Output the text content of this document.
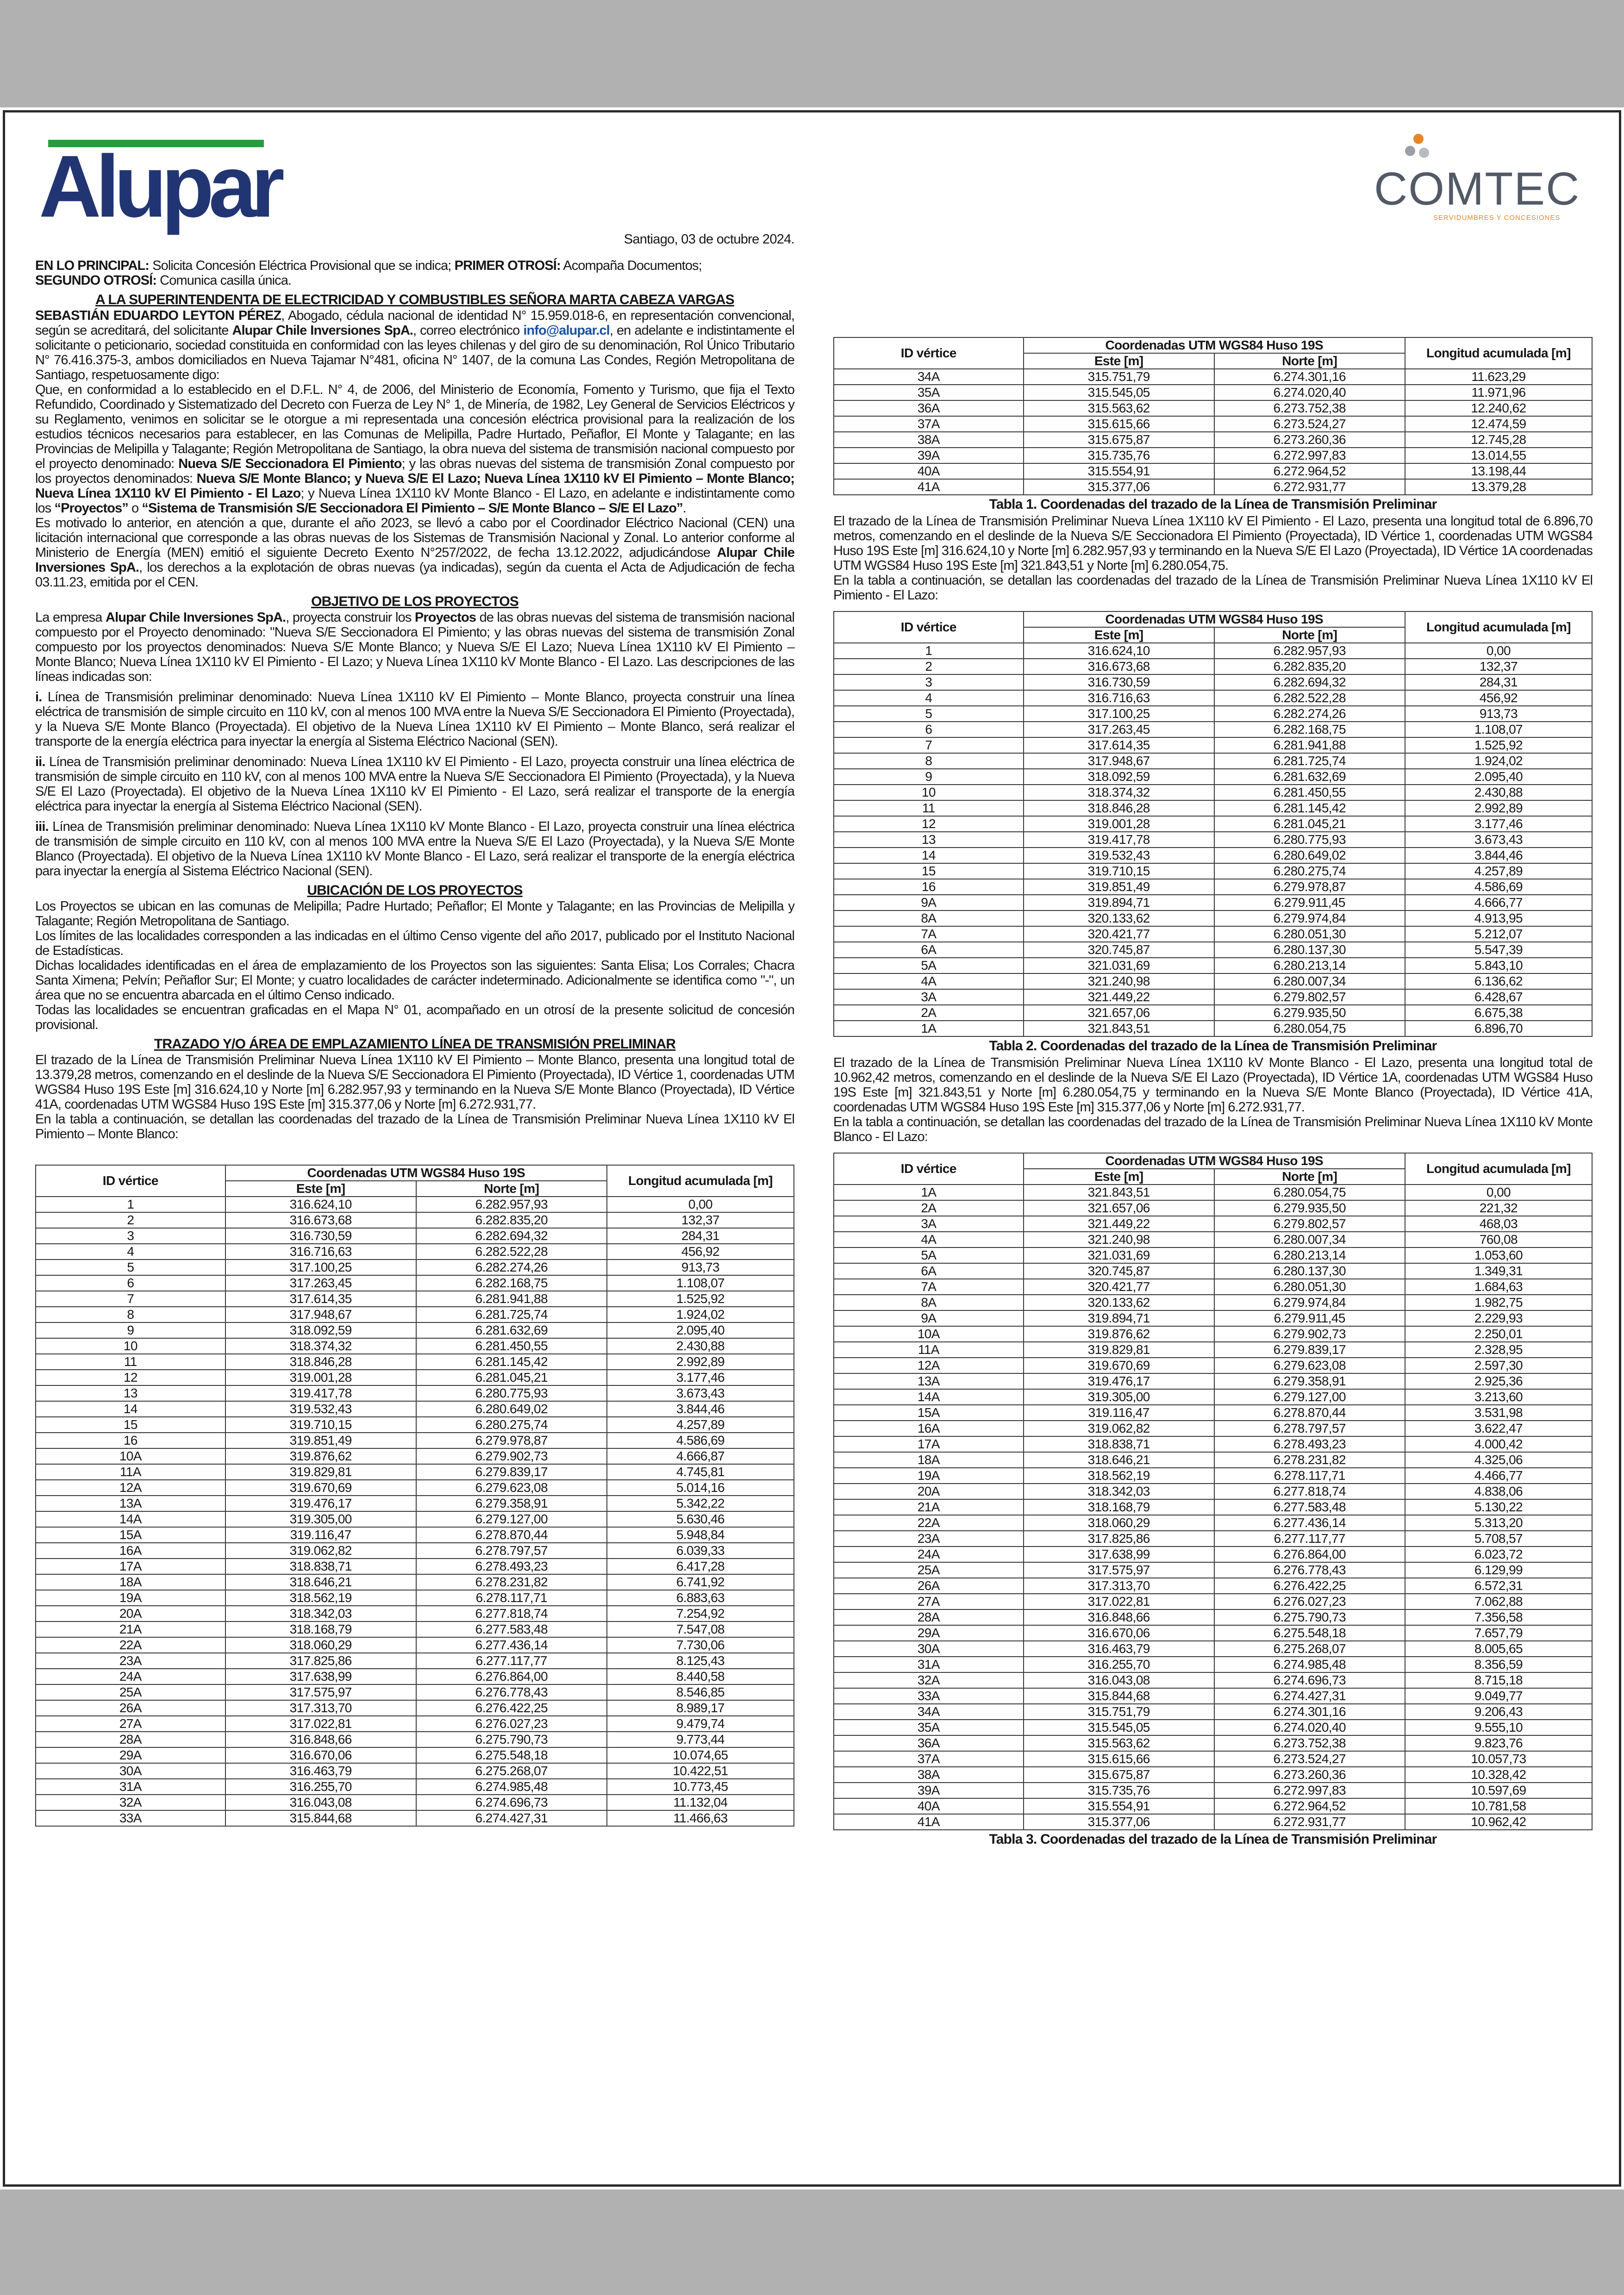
Alupar	COMTEC
SERVIDUMBRES Y CONCESIONES
Santiago, 03 de octubre 2024.

EN LO PRINCIPAL: Solicita Concesión Eléctrica Provisional que se indica; PRIMER OTROSÍ: Acompaña Documentos;
SEGUNDO OTROSÍ: Comunica casilla única.

A LA SUPERINTENDENTA DE ELECTRICIDAD Y COMBUSTIBLES SEÑORA MARTA CABEZA VARGAS

SEBASTIÁN EDUARDO LEYTON PÉREZ, Abogado, cédula nacional de identidad N° 15.959.018-6, en representación convencional, según se acreditará, del solicitante Alupar Chile Inversiones SpA., correo electrónico info@alupar.cl, en adelante e indistintamente el solicitante o peticionario, sociedad constituida en conformidad con las leyes chilenas y del giro de su denominación, Rol Único Tributario N° 76.416.375-3, ambos domiciliados en Nueva Tajamar N°481, oficina N° 1407, de la comuna Las Condes, Región Metropolitana de Santiago, respetuosamente digo:

Que, en conformidad a lo establecido en el D.F.L. N° 4, de 2006, del Ministerio de Economía, Fomento y Turismo, que fija el Texto Refundido, Coordinado y Sistematizado del Decreto con Fuerza de Ley N° 1, de Minería, de 1982, Ley General de Servicios Eléctricos y su Reglamento, venimos en solicitar se le otorgue a mi representada una concesión eléctrica provisional para la realización de los estudios técnicos necesarios para establecer, en las Comunas de Melipilla, Padre Hurtado, Peñaflor, El Monte y Talagante; en las Provincias de Melipilla y Talagante; Región Metropolitana de Santiago, la obra nueva del sistema de transmisión nacional compuesto por el proyecto denominado: Nueva S/E Seccionadora El Pimiento; y las obras nuevas del sistema de transmisión Zonal compuesto por los proyectos denominados: Nueva S/E Monte Blanco; y Nueva S/E El Lazo; Nueva Línea 1X110 kV El Pimiento – Monte Blanco; Nueva Línea 1X110 kV El Pimiento - El Lazo; y Nueva Línea 1X110 kV Monte Blanco - El Lazo, en adelante e indistintamente como los “Proyectos” o “Sistema de Transmisión S/E Seccionadora El Pimiento – S/E Monte Blanco – S/E El Lazo”.

Es motivado lo anterior, en atención a que, durante el año 2023, se llevó a cabo por el Coordinador Eléctrico Nacional (CEN) una licitación internacional que corresponde a las obras nuevas de los Sistemas de Transmisión Nacional y Zonal. Lo anterior conforme al Ministerio de Energía (MEN) emitió el siguiente Decreto Exento N°257/2022, de fecha 13.12.2022, adjudicándose Alupar Chile Inversiones SpA., los derechos a la explotación de obras nuevas (ya indicadas), según da cuenta el Acta de Adjudicación de fecha 03.11.23, emitida por el CEN.

OBJETIVO DE LOS PROYECTOS

La empresa Alupar Chile Inversiones SpA., proyecta construir los Proyectos de las obras nuevas del sistema de transmisión nacional compuesto por el Proyecto denominado: "Nueva S/E Seccionadora El Pimiento; y las obras nuevas del sistema de transmisión Zonal compuesto por los proyectos denominados: Nueva S/E Monte Blanco; y Nueva S/E El Lazo; Nueva Línea 1X110 kV El Pimiento – Monte Blanco; Nueva Línea 1X110 kV El Pimiento - El Lazo; y Nueva Línea 1X110 kV Monte Blanco - El Lazo. Las descripciones de las líneas indicadas son:

i. Línea de Transmisión preliminar denominado: Nueva Línea 1X110 kV El Pimiento – Monte Blanco, proyecta construir una línea eléctrica de transmisión de simple circuito en 110 kV, con al menos 100 MVA entre la Nueva S/E Seccionadora El Pimiento (Proyectada), y la Nueva S/E Monte Blanco (Proyectada). El objetivo de la Nueva Línea 1X110 kV El Pimiento – Monte Blanco, será realizar el transporte de la energía eléctrica para inyectar la energía al Sistema Eléctrico Nacional (SEN).

ii. Línea de Transmisión preliminar denominado: Nueva Línea 1X110 kV El Pimiento - El Lazo, proyecta construir una línea eléctrica de transmisión de simple circuito en 110 kV, con al menos 100 MVA entre la Nueva S/E Seccionadora El Pimiento (Proyectada), y la Nueva S/E El Lazo (Proyectada). El objetivo de la Nueva Línea 1X110 kV El Pimiento - El Lazo, será realizar el transporte de la energía eléctrica para inyectar la energía al Sistema Eléctrico Nacional (SEN).

iii. Línea de Transmisión preliminar denominado: Nueva Línea 1X110 kV Monte Blanco - El Lazo, proyecta construir una línea eléctrica de transmisión de simple circuito en 110 kV, con al menos 100 MVA entre la Nueva S/E El Lazo (Proyectada), y la Nueva S/E Monte Blanco (Proyectada). El objetivo de la Nueva Línea 1X110 kV Monte Blanco - El Lazo, será realizar el transporte de la energía eléctrica para inyectar la energía al Sistema Eléctrico Nacional (SEN).

UBICACIÓN DE LOS PROYECTOS

Los Proyectos se ubican en las comunas de Melipilla; Padre Hurtado; Peñaflor; El Monte y Talagante; en las Provincias de Melipilla y Talagante; Región Metropolitana de Santiago.

Los límites de las localidades corresponden a las indicadas en el último Censo vigente del año 2017, publicado por el Instituto Nacional de Estadísticas.

Dichas localidades identificadas en el área de emplazamiento de los Proyectos son las siguientes: Santa Elisa; Los Corrales; Chacra Santa Ximena; Pelvín; Peñaflor Sur; El Monte; y cuatro localidades de carácter indeterminado. Adicionalmente se identifica como "-", un área que no se encuentra abarcada en el último Censo indicado.

Todas las localidades se encuentran graficadas en el Mapa N° 01, acompañado en un otrosí de la presente solicitud de concesión provisional.

TRAZADO Y/O ÁREA DE EMPLAZAMIENTO LÍNEA DE TRANSMISIÓN PRELIMINAR

El trazado de la Línea de Transmisión Preliminar Nueva Línea 1X110 kV El Pimiento – Monte Blanco, presenta una longitud total de 13.379,28 metros, comenzando en el deslinde de la Nueva S/E Seccionadora El Pimiento (Proyectada), ID Vértice 1, coordenadas UTM WGS84 Huso 19S Este [m] 316.624,10 y Norte [m] 6.282.957,93 y terminando en la Nueva S/E Monte Blanco (Proyectada), ID Vértice 41A, coordenadas UTM WGS84 Huso 19S Este [m] 315.377,06 y Norte [m] 6.272.931,77.

En la tabla a continuación, se detallan las coordenadas del trazado de la Línea de Transmisión Preliminar Nueva Línea 1X110 kV El Pimiento – Monte Blanco:

ID vértice	Coordenadas UTM WGS84 Huso 19S		Longitud acumulada [m]
	Este [m]	Norte [m]	
1	316.624,10	6.282.957,93	0,00
2	316.673,68	6.282.835,20	132,37
3	316.730,59	6.282.694,32	284,31
4	316.716,63	6.282.522,28	456,92
5	317.100,25	6.282.274,26	913,73
6	317.263,45	6.282.168,75	1.108,07
7	317.614,35	6.281.941,88	1.525,92
8	317.948,67	6.281.725,74	1.924,02
9	318.092,59	6.281.632,69	2.095,40
10	318.374,32	6.281.450,55	2.430,88
11	318.846,28	6.281.145,42	2.992,89
12	319.001,28	6.281.045,21	3.177,46
13	319.417,78	6.280.775,93	3.673,43
14	319.532,43	6.280.649,02	3.844,46
15	319.710,15	6.280.275,74	4.257,89
16	319.851,49	6.279.978,87	4.586,69
10A	319.876,62	6.279.902,73	4.666,87
11A	319.829,81	6.279.839,17	4.745,81
12A	319.670,69	6.279.623,08	5.014,16
13A	319.476,17	6.279.358,91	5.342,22
14A	319.305,00	6.279.127,00	5.630,46
15A	319.116,47	6.278.870,44	5.948,84
16A	319.062,82	6.278.797,57	6.039,33
17A	318.838,71	6.278.493,23	6.417,28
18A	318.646,21	6.278.231,82	6.741,92
19A	318.562,19	6.278.117,71	6.883,63
20A	318.342,03	6.277.818,74	7.254,92
21A	318.168,79	6.277.583,48	7.547,08
22A	318.060,29	6.277.436,14	7.730,06
23A	317.825,86	6.277.117,77	8.125,43
24A	317.638,99	6.276.864,00	8.440,58
25A	317.575,97	6.276.778,43	8.546,85
26A	317.313,70	6.276.422,25	8.989,17
27A	317.022,81	6.276.027,23	9.479,74
28A	316.848,66	6.275.790,73	9.773,44
29A	316.670,06	6.275.548,18	10.074,65
30A	316.463,79	6.275.268,07	10.422,51
31A	316.255,70	6.274.985,48	10.773,45
32A	316.043,08	6.274.696,73	11.132,04
33A	315.844,68	6.274.427,31	11.466,63
ID vértice	Coordenadas UTM WGS84 Huso 19S		Longitud acumulada [m]
	Este [m]	Norte [m]	
34A	315.751,79	6.274.301,16	11.623,29
35A	315.545,05	6.274.020,40	11.971,96
36A	315.563,62	6.273.752,38	12.240,62
37A	315.615,66	6.273.524,27	12.474,59
38A	315.675,87	6.273.260,36	12.745,28
39A	315.735,76	6.272.997,83	13.014,55
40A	315.554,91	6.272.964,52	13.198,44
41A	315.377,06	6.272.931,77	13.379,28
Tabla 1. Coordenadas del trazado de la Línea de Transmisión Preliminar

El trazado de la Línea de Transmisión Preliminar Nueva Línea 1X110 kV El Pimiento - El Lazo, presenta una longitud total de 6.896,70 metros, comenzando en el deslinde de la Nueva S/E Seccionadora El Pimiento (Proyectada), ID Vértice 1, coordenadas UTM WGS84 Huso 19S Este [m] 316.624,10 y Norte [m] 6.282.957,93 y terminando en la Nueva S/E El Lazo (Proyectada), ID Vértice 1A coordenadas UTM WGS84 Huso 19S Este [m] 321.843,51 y Norte [m] 6.280.054,75.

En la tabla a continuación, se detallan las coordenadas del trazado de la Línea de Transmisión Preliminar Nueva Línea 1X110 kV El Pimiento - El Lazo:

ID vértice	Coordenadas UTM WGS84 Huso 19S		Longitud acumulada [m]
	Este [m]	Norte [m]	
1	316.624,10	6.282.957,93	0,00
2	316.673,68	6.282.835,20	132,37
3	316.730,59	6.282.694,32	284,31
4	316.716,63	6.282.522,28	456,92
5	317.100,25	6.282.274,26	913,73
6	317.263,45	6.282.168,75	1.108,07
7	317.614,35	6.281.941,88	1.525,92
8	317.948,67	6.281.725,74	1.924,02
9	318.092,59	6.281.632,69	2.095,40
10	318.374,32	6.281.450,55	2.430,88
11	318.846,28	6.281.145,42	2.992,89
12	319.001,28	6.281.045,21	3.177,46
13	319.417,78	6.280.775,93	3.673,43
14	319.532,43	6.280.649,02	3.844,46
15	319.710,15	6.280.275,74	4.257,89
16	319.851,49	6.279.978,87	4.586,69
9A	319.894,71	6.279.911,45	4.666,77
8A	320.133,62	6.279.974,84	4.913,95
7A	320.421,77	6.280.051,30	5.212,07
6A	320.745,87	6.280.137,30	5.547,39
5A	321.031,69	6.280.213,14	5.843,10
4A	321.240,98	6.280.007,34	6.136,62
3A	321.449,22	6.279.802,57	6.428,67
2A	321.657,06	6.279.935,50	6.675,38
1A	321.843,51	6.280.054,75	6.896,70
Tabla 2. Coordenadas del trazado de la Línea de Transmisión Preliminar

El trazado de la Línea de Transmisión Preliminar Nueva Línea 1X110 kV Monte Blanco - El Lazo, presenta una longitud total de 10.962,42 metros, comenzando en el deslinde de la Nueva S/E El Lazo (Proyectada), ID Vértice 1A, coordenadas UTM WGS84 Huso 19S Este [m] 321.843,51 y Norte [m] 6.280.054,75 y terminando en la Nueva S/E Monte Blanco (Proyectada), ID Vértice 41A, coordenadas UTM WGS84 Huso 19S Este [m] 315.377,06 y Norte [m] 6.272.931,77.

En la tabla a continuación, se detallan las coordenadas del trazado de la Línea de Transmisión Preliminar Nueva Línea 1X110 kV Monte Blanco - El Lazo:

ID vértice	Coordenadas UTM WGS84 Huso 19S		Longitud acumulada [m]
	Este [m]	Norte [m]	
1A	321.843,51	6.280.054,75	0,00
2A	321.657,06	6.279.935,50	221,32
3A	321.449,22	6.279.802,57	468,03
4A	321.240,98	6.280.007,34	760,08
5A	321.031,69	6.280.213,14	1.053,60
6A	320.745,87	6.280.137,30	1.349,31
7A	320.421,77	6.280.051,30	1.684,63
8A	320.133,62	6.279.974,84	1.982,75
9A	319.894,71	6.279.911,45	2.229,93
10A	319.876,62	6.279.902,73	2.250,01
11A	319.829,81	6.279.839,17	2.328,95
12A	319.670,69	6.279.623,08	2.597,30
13A	319.476,17	6.279.358,91	2.925,36
14A	319.305,00	6.279.127,00	3.213,60
15A	319.116,47	6.278.870,44	3.531,98
16A	319.062,82	6.278.797,57	3.622,47
17A	318.838,71	6.278.493,23	4.000,42
18A	318.646,21	6.278.231,82	4.325,06
19A	318.562,19	6.278.117,71	4.466,77
20A	318.342,03	6.277.818,74	4.838,06
21A	318.168,79	6.277.583,48	5.130,22
22A	318.060,29	6.277.436,14	5.313,20
23A	317.825,86	6.277.117,77	5.708,57
24A	317.638,99	6.276.864,00	6.023,72
25A	317.575,97	6.276.778,43	6.129,99
26A	317.313,70	6.276.422,25	6.572,31
27A	317.022,81	6.276.027,23	7.062,88
28A	316.848,66	6.275.790,73	7.356,58
29A	316.670,06	6.275.548,18	7.657,79
30A	316.463,79	6.275.268,07	8.005,65
31A	316.255,70	6.274.985,48	8.356,59
32A	316.043,08	6.274.696,73	8.715,18
33A	315.844,68	6.274.427,31	9.049,77
34A	315.751,79	6.274.301,16	9.206,43
35A	315.545,05	6.274.020,40	9.555,10
36A	315.563,62	6.273.752,38	9.823,76
37A	315.615,66	6.273.524,27	10.057,73
38A	315.675,87	6.273.260,36	10.328,42
39A	315.735,76	6.272.997,83	10.597,69
40A	315.554,91	6.272.964,52	10.781,58
41A	315.377,06	6.272.931,77	10.962,42
Tabla 3. Coordenadas del trazado de la Línea de Transmisión Preliminar
